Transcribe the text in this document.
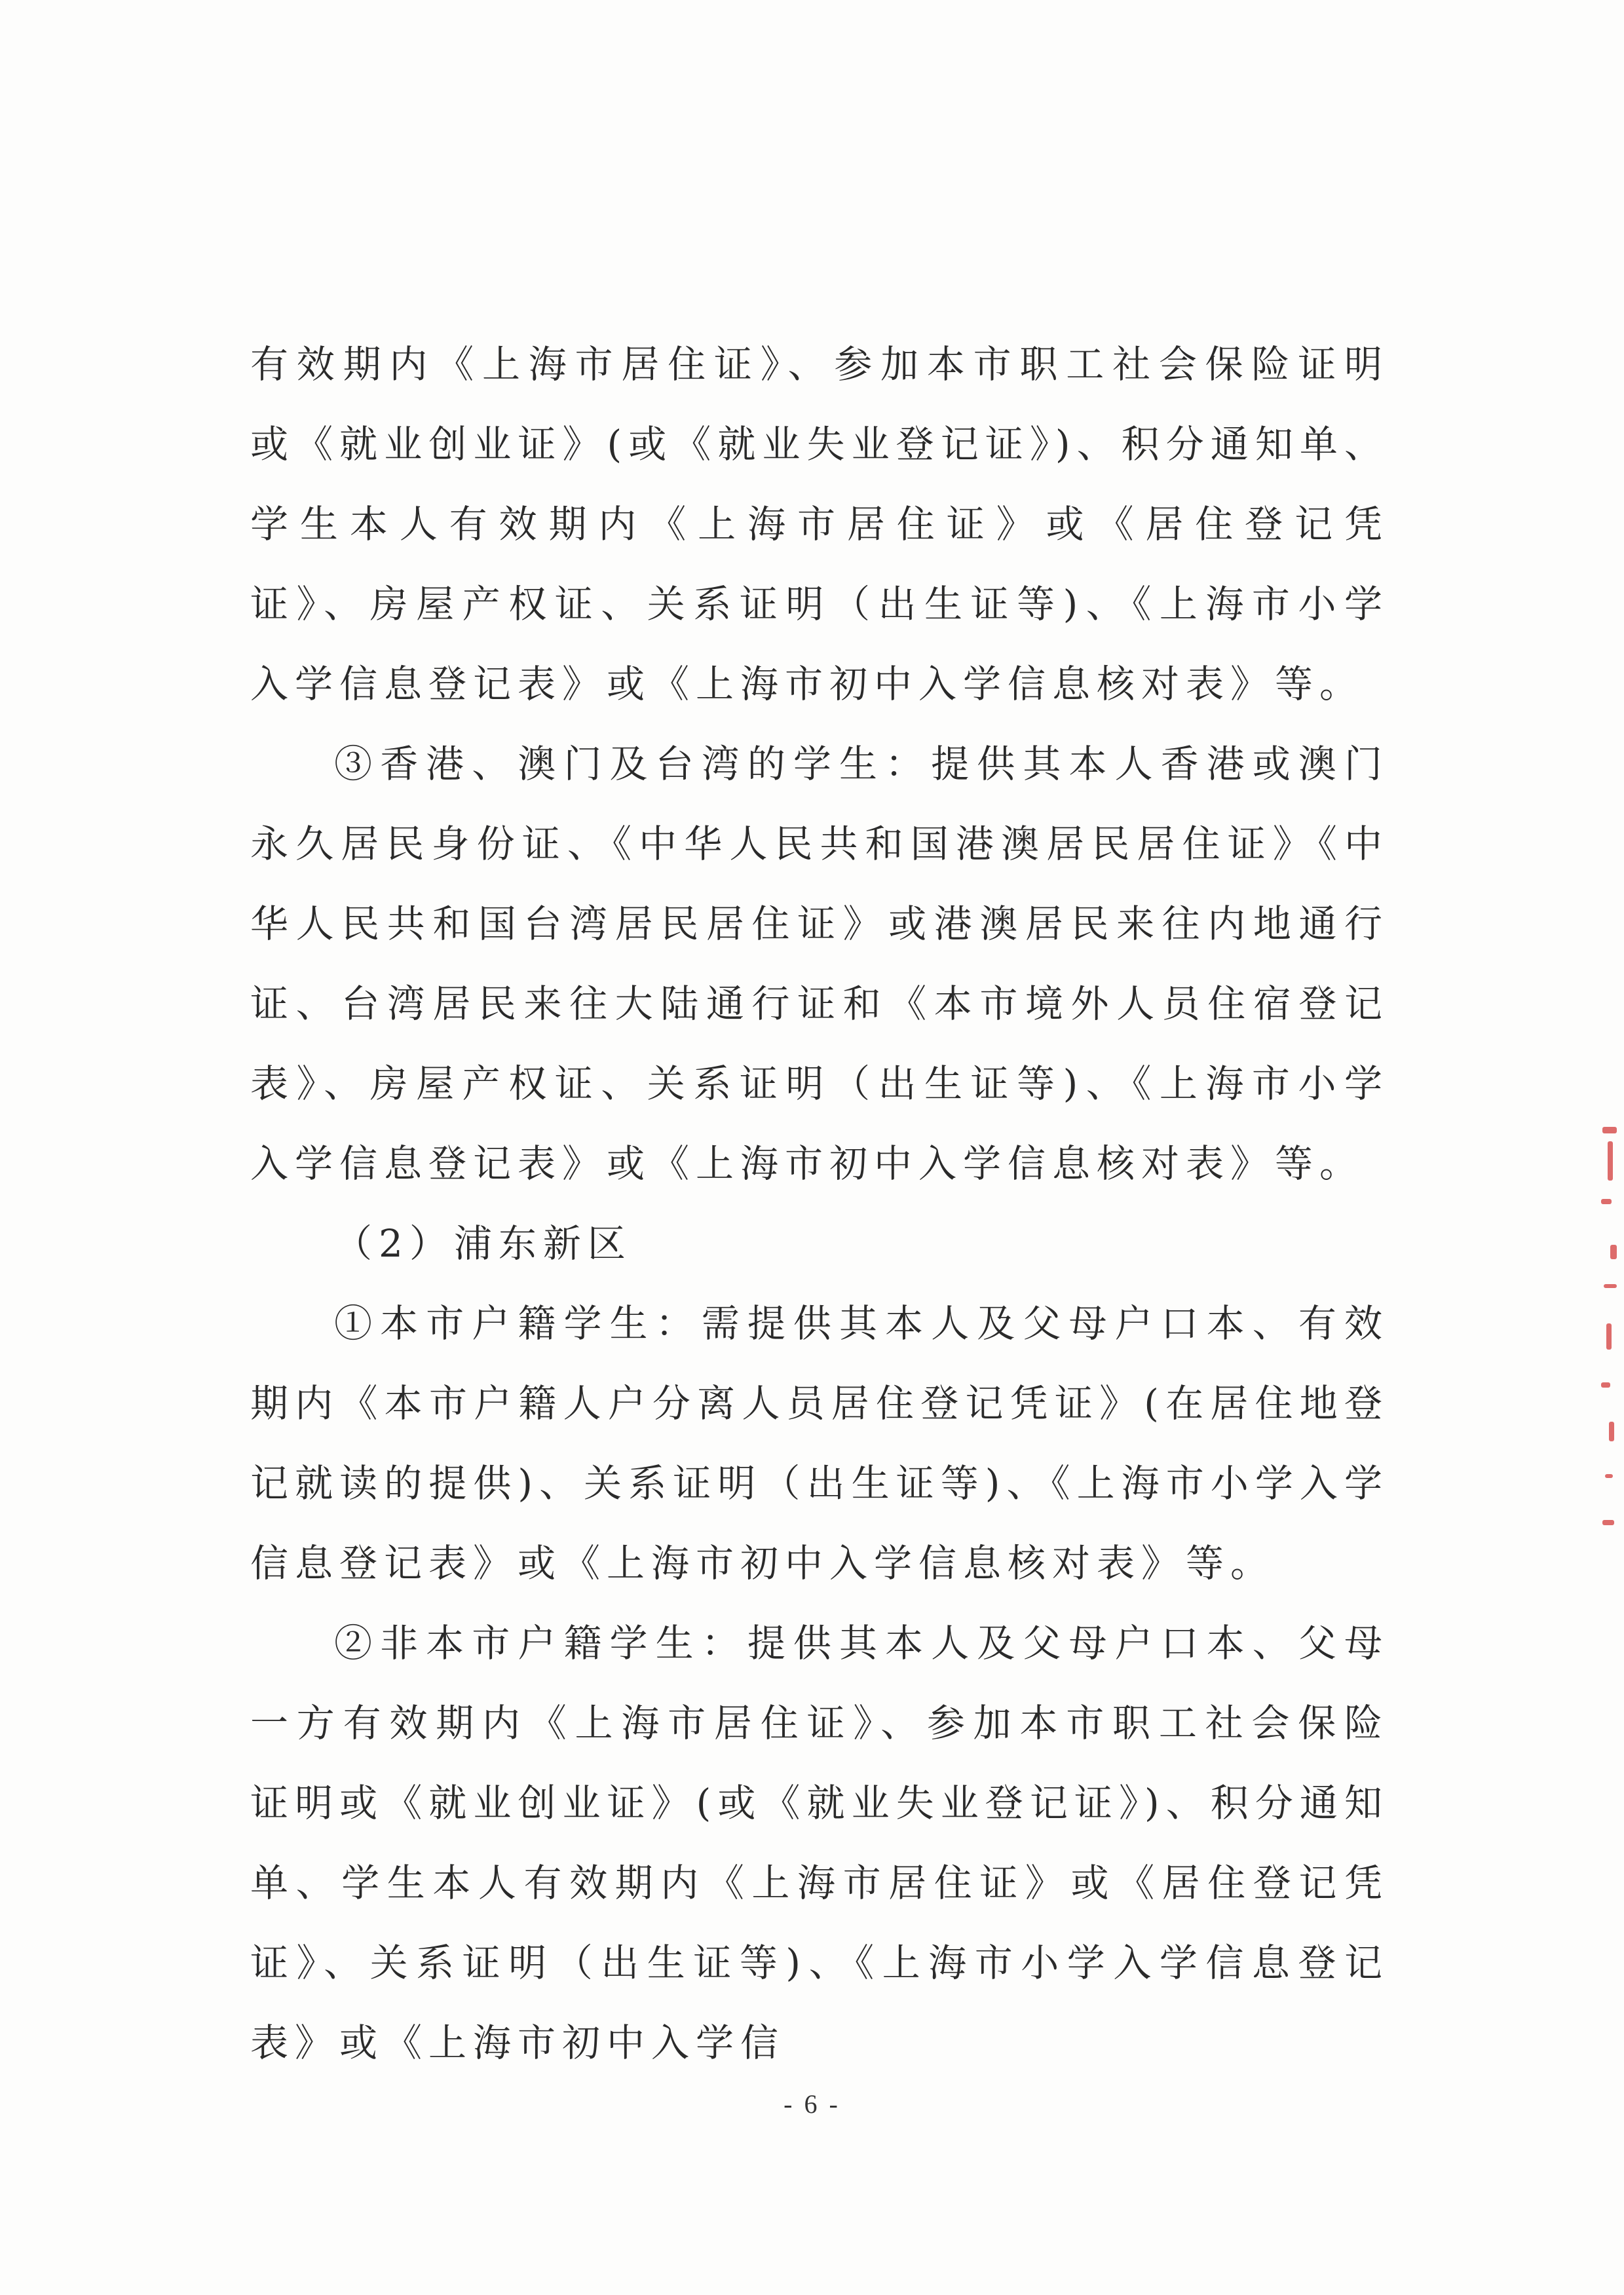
有效期内《上海市居住证》、参加本市职工社会保险证明或《就业创业证》(或《就业失业登记证》)、积分通知单、学生本人有效期内《上海市居住证》或《居住登记凭证》、房屋产权证、关系证明（出生证等)、《上海市小学入学信息登记表》或《上海市初中入学信息核对表》等。

③香港、澳门及台湾的学生：提供其本人香港或澳门永久居民身份证、《中华人民共和国港澳居民居住证》《中华人民共和国台湾居民居住证》或港澳居民来往内地通行证、台湾居民来往大陆通行证和《本市境外人员住宿登记表》、房屋产权证、关系证明（出生证等)、《上海市小学入学信息登记表》或《上海市初中入学信息核对表》等。

（2）浦东新区

①本市户籍学生：需提供其本人及父母户口本、有效期内《本市户籍人户分离人员居住登记凭证》(在居住地登记就读的提供)、关系证明（出生证等)、《上海市小学入学信息登记表》或《上海市初中入学信息核对表》等。

②非本市户籍学生：提供其本人及父母户口本、父母一方有效期内《上海市居住证》、参加本市职工社会保险证明或《就业创业证》(或《就业失业登记证》)、积分通知单、学生本人有效期内《上海市居住证》或《居住登记凭证》、关系证明（出生证等)、《上海市小学入学信息登记表》或《上海市初中入学信

- 6 -
